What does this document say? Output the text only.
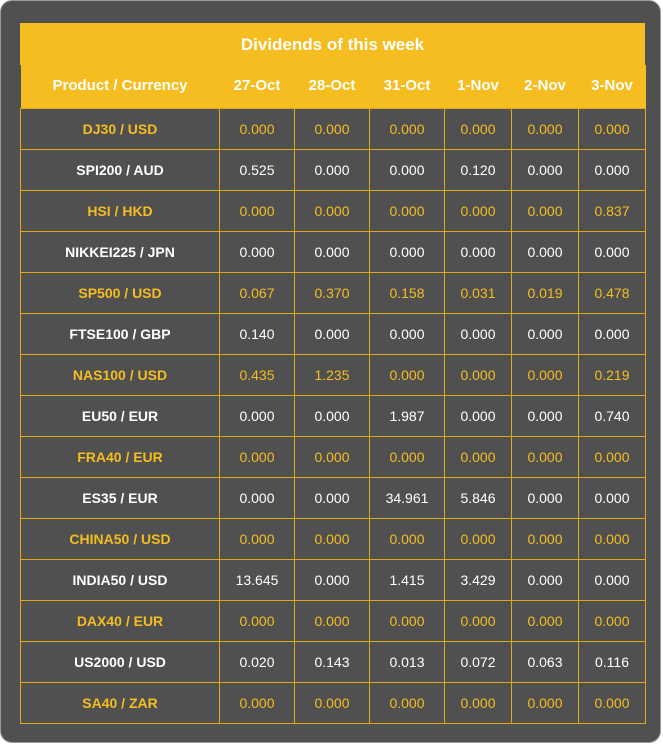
Dividends of this week
Product / Currency	27-Oct	28-Oct	31-Oct	1-Nov	2-Nov	3-Nov
DJ30 / USD	0.000	0.000	0.000	0.000	0.000	0.000
SPI200 / AUD	0.525	0.000	0.000	0.120	0.000	0.000
HSI / HKD	0.000	0.000	0.000	0.000	0.000	0.837
NIKKEI225 / JPN	0.000	0.000	0.000	0.000	0.000	0.000
SP500 / USD	0.067	0.370	0.158	0.031	0.019	0.478
FTSE100 / GBP	0.140	0.000	0.000	0.000	0.000	0.000
NAS100 / USD	0.435	1.235	0.000	0.000	0.000	0.219
EU50 / EUR	0.000	0.000	1.987	0.000	0.000	0.740
FRA40 / EUR	0.000	0.000	0.000	0.000	0.000	0.000
ES35 / EUR	0.000	0.000	34.961	5.846	0.000	0.000
CHINA50 / USD	0.000	0.000	0.000	0.000	0.000	0.000
INDIA50 / USD	13.645	0.000	1.415	3.429	0.000	0.000
DAX40 / EUR	0.000	0.000	0.000	0.000	0.000	0.000
US2000 / USD	0.020	0.143	0.013	0.072	0.063	0.116
SA40 / ZAR	0.000	0.000	0.000	0.000	0.000	0.000
